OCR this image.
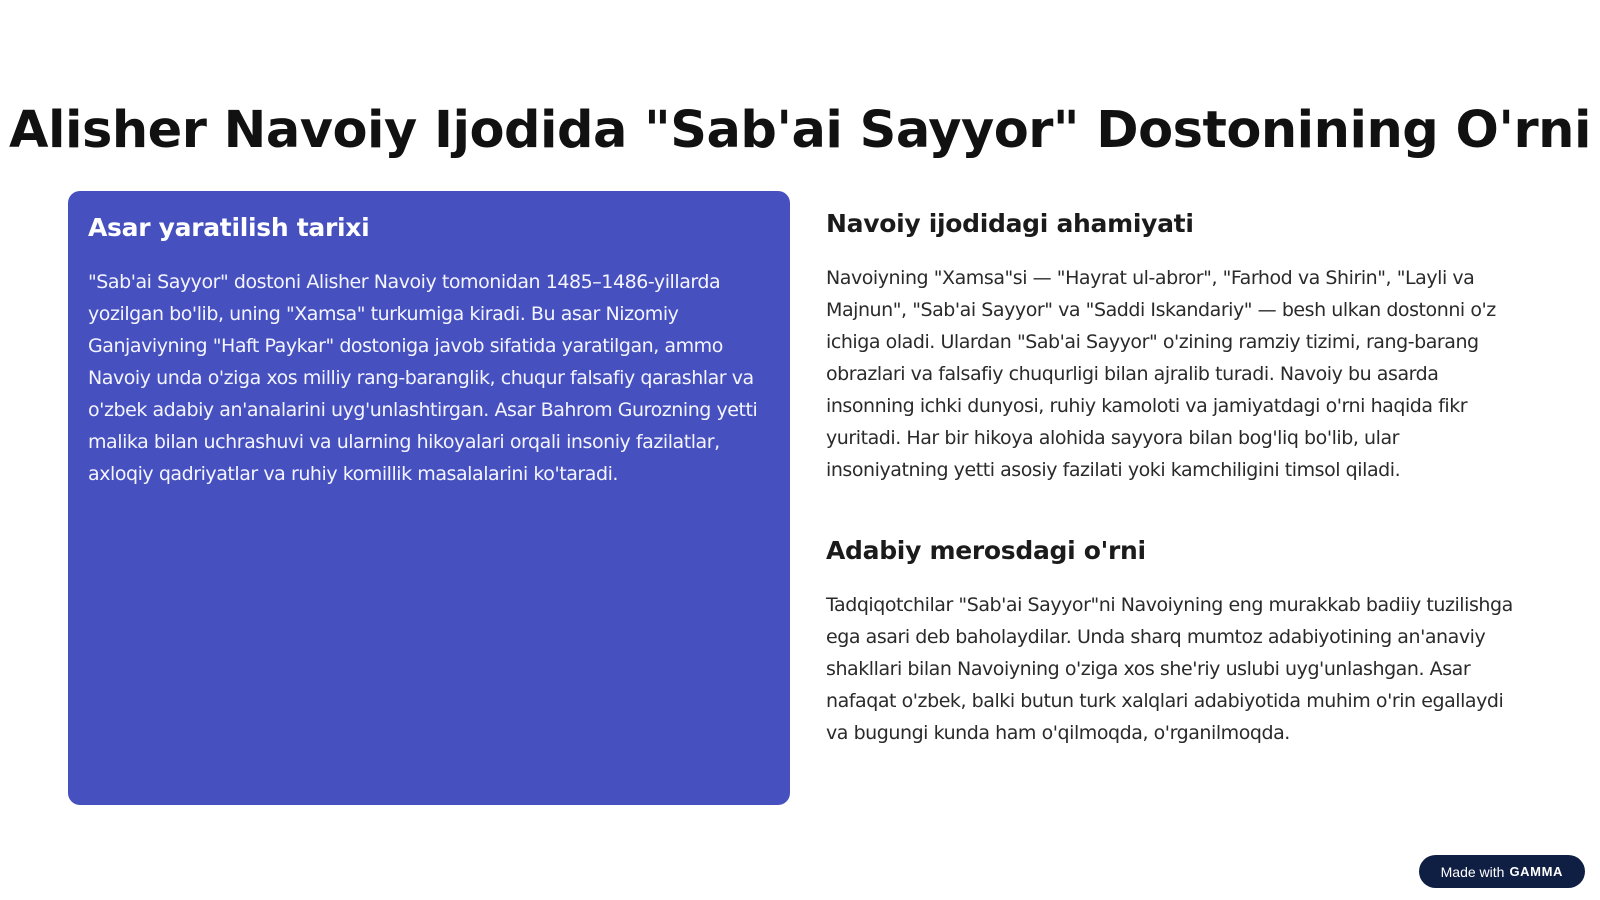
Alisher Navoiy Ijodida "Sab'ai Sayyor" Dostonining O'rni
Asar yaratilish tarixi

"Sab'ai Sayyor" dostoni Alisher Navoiy tomonidan 1485–1486-yillarda yozilgan bo'lib, uning "Xamsa" turkumiga kiradi. Bu asar Nizomiy Ganjaviyning "Haft Paykar" dostoniga javob sifatida yaratilgan, ammo Navoiy unda o'ziga xos milliy rang-baranglik, chuqur falsafiy qarashlar va o'zbek adabiy an'analarini uyg'unlashtirgan. Asar Bahrom Gurozning yetti malika bilan uchrashuvi va ularning hikoyalari orqali insoniy fazilatlar, axloqiy qadriyatlar va ruhiy komillik masalalarini ko'taradi.

Navoiy ijodidagi ahamiyati

Navoiyning "Xamsa"si — "Hayrat ul-abror", "Farhod va Shirin", "Layli va Majnun", "Sab'ai Sayyor" va "Saddi Iskandariy" — besh ulkan dostonni o'z ichiga oladi. Ulardan "Sab'ai Sayyor" o'zining ramziy tizimi, rang-barang obrazlari va falsafiy chuqurligi bilan ajralib turadi. Navoiy bu asarda insonning ichki dunyosi, ruhiy kamoloti va jamiyatdagi o'rni haqida fikr yuritadi. Har bir hikoya alohida sayyora bilan bog'liq bo'lib, ular insoniyatning yetti asosiy fazilati yoki kamchiligini timsol qiladi.

Adabiy merosdagi o'rni

Tadqiqotchilar "Sab'ai Sayyor"ni Navoiyning eng murakkab badiiy tuzilishga ega asari deb baholaydilar. Unda sharq mumtoz adabiyotining an'anaviy shakllari bilan Navoiyning o'ziga xos she'riy uslubi uyg'unlashgan. Asar nafaqat o'zbek, balki butun turk xalqlari adabiyotida muhim o'rin egallaydi va bugungi kunda ham o'qilmoqda, o'rganilmoqda.

Made with GAMMA
